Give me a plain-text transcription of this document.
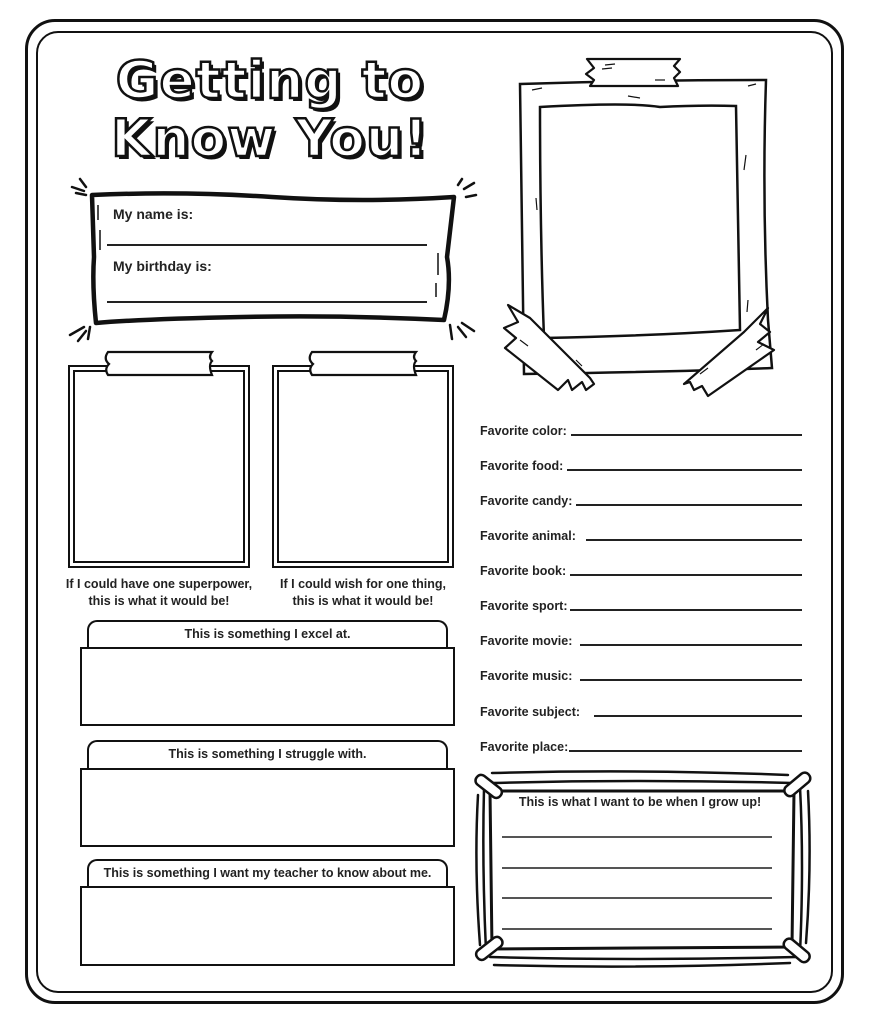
Getting to
Know You!
My name is:
My birthday is:
If I could have one superpower,
this is what it would be!
If I could wish for one thing,
this is what it would be!
Favorite color:
Favorite food:
Favorite candy:
Favorite animal:
Favorite book:
Favorite sport:
Favorite movie:
Favorite music:
Favorite subject:
Favorite place:
This is something I excel at.
This is something I struggle with.
This is something I want my teacher to know about me.
This is what I want to be when I grow up!
